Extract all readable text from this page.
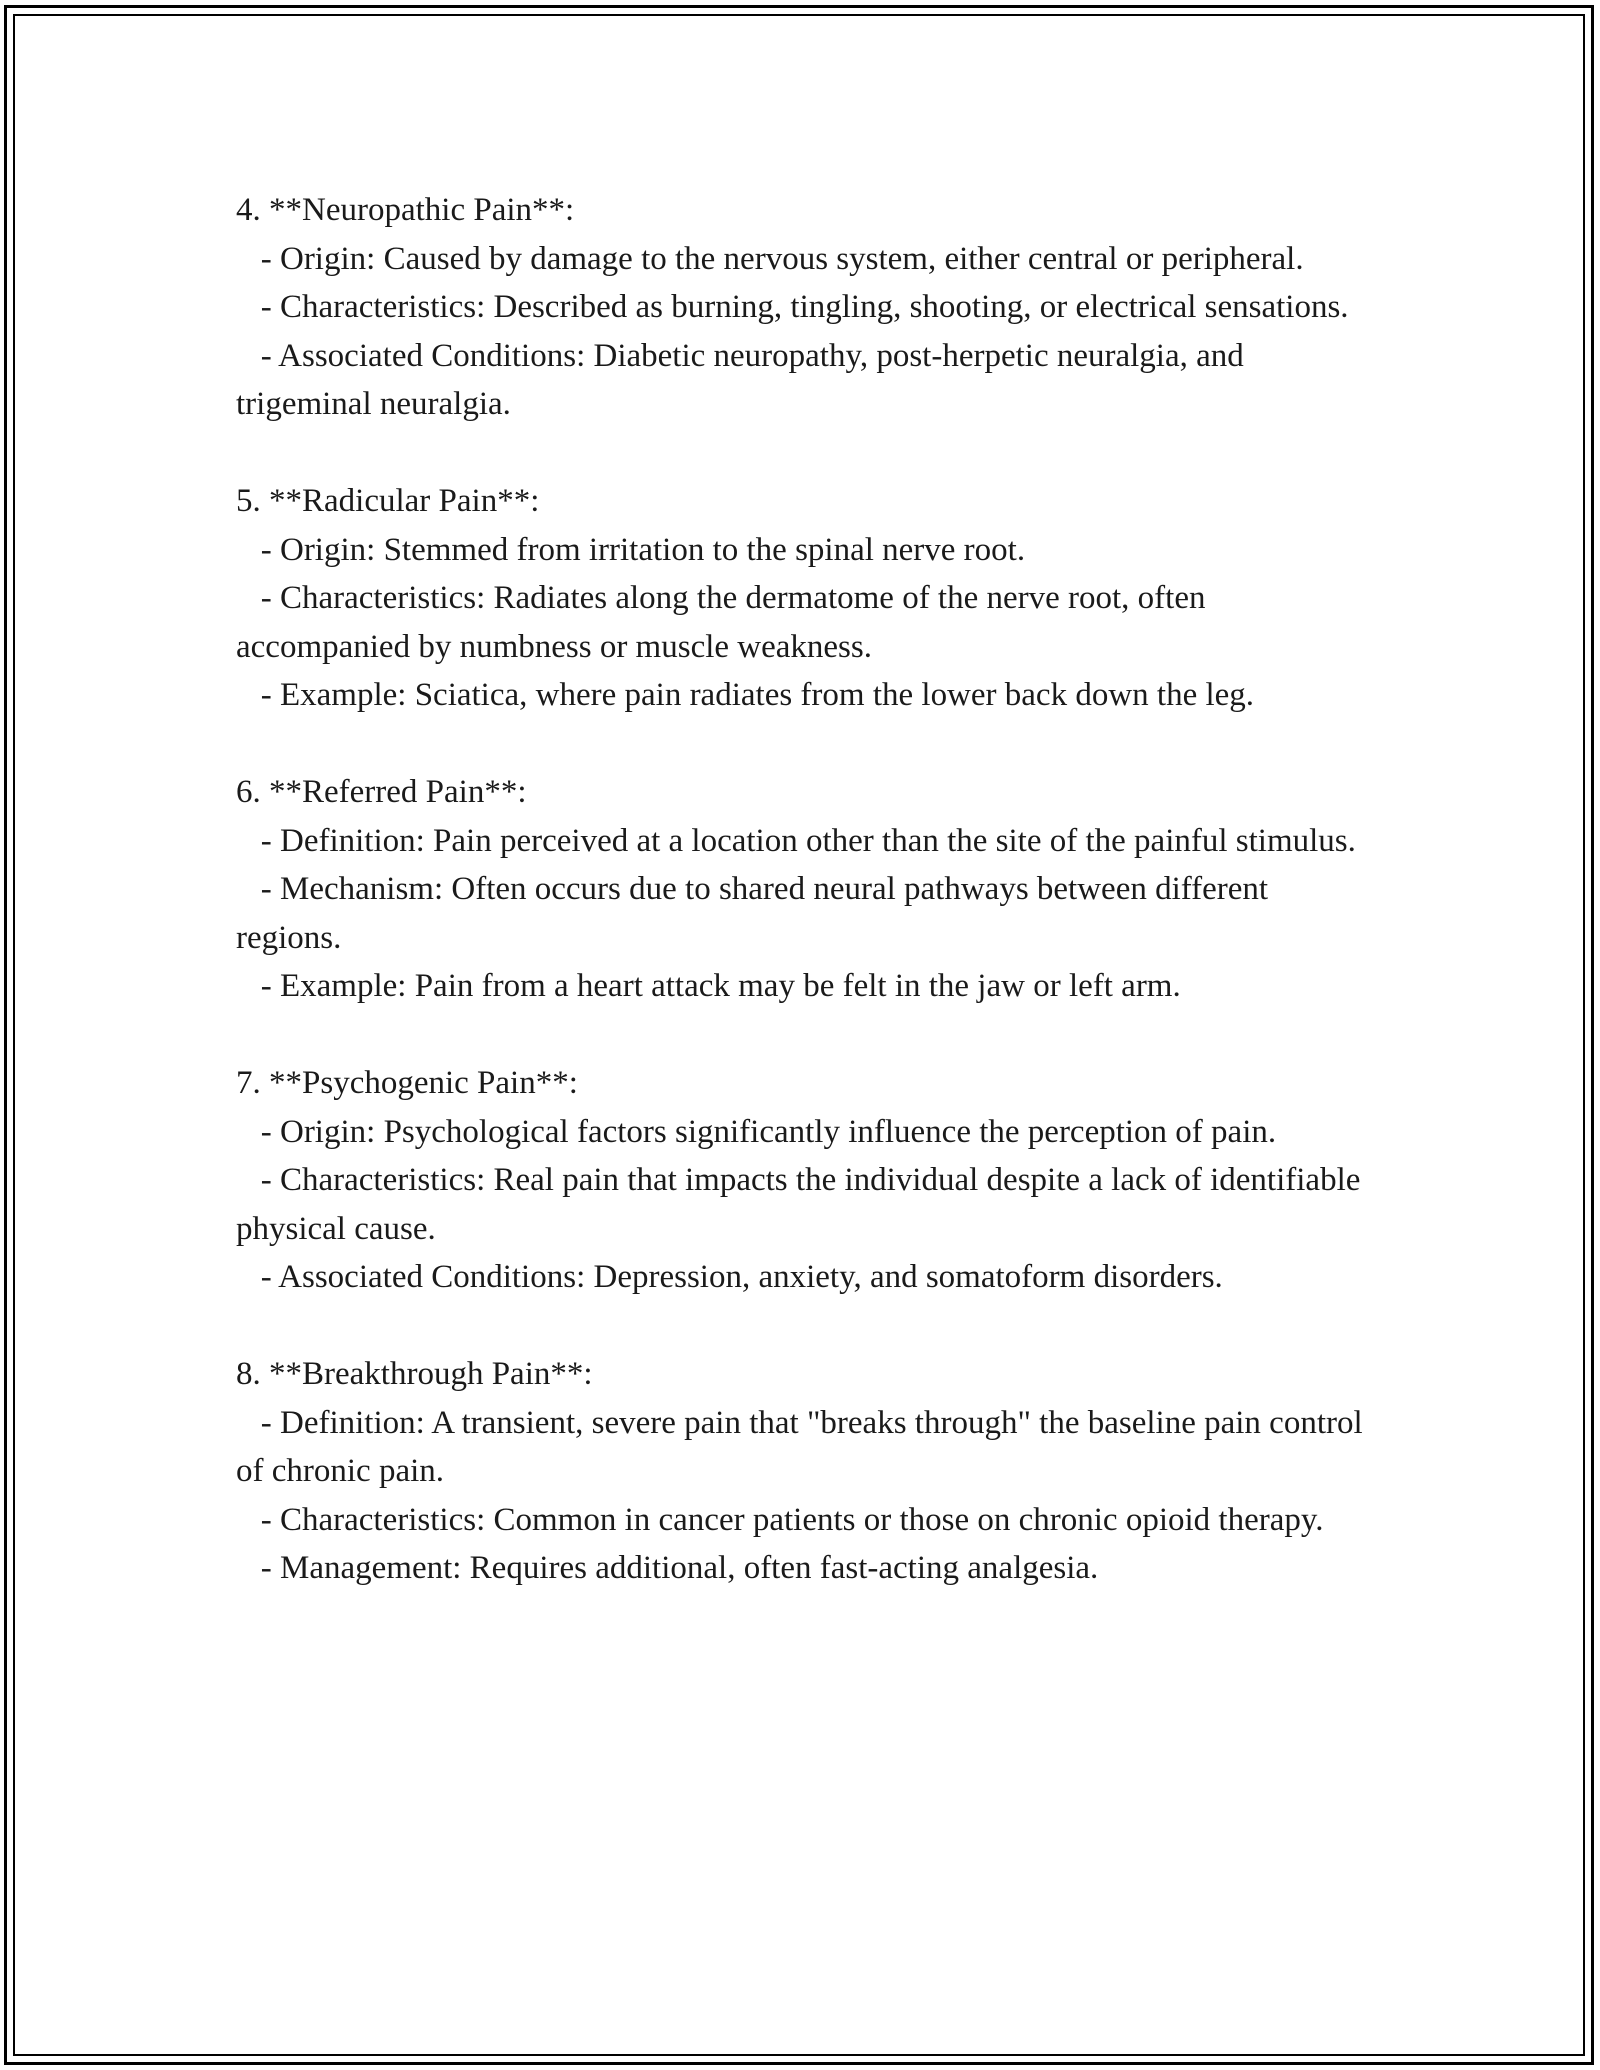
4. **Neuropathic Pain**:
- Origin: Caused by damage to the nervous system, either central or peripheral.
- Characteristics: Described as burning, tingling, shooting, or electrical sensations.
- Associated Conditions: Diabetic neuropathy, post-herpetic neuralgia, and trigeminal neuralgia.
5. **Radicular Pain**:
- Origin: Stemmed from irritation to the spinal nerve root.
- Characteristics: Radiates along the dermatome of the nerve root, often accompanied by numbness or muscle weakness.
- Example: Sciatica, where pain radiates from the lower back down the leg.
6. **Referred Pain**:
- Definition: Pain perceived at a location other than the site of the painful stimulus.
- Mechanism: Often occurs due to shared neural pathways between different regions.
- Example: Pain from a heart attack may be felt in the jaw or left arm.
7. **Psychogenic Pain**:
- Origin: Psychological factors significantly influence the perception of pain.
- Characteristics: Real pain that impacts the individual despite a lack of identifiable physical cause.
- Associated Conditions: Depression, anxiety, and somatoform disorders.
8. **Breakthrough Pain**:
- Definition: A transient, severe pain that "breaks through" the baseline pain control of chronic pain.
- Characteristics: Common in cancer patients or those on chronic opioid therapy.
- Management: Requires additional, often fast-acting analgesia.
